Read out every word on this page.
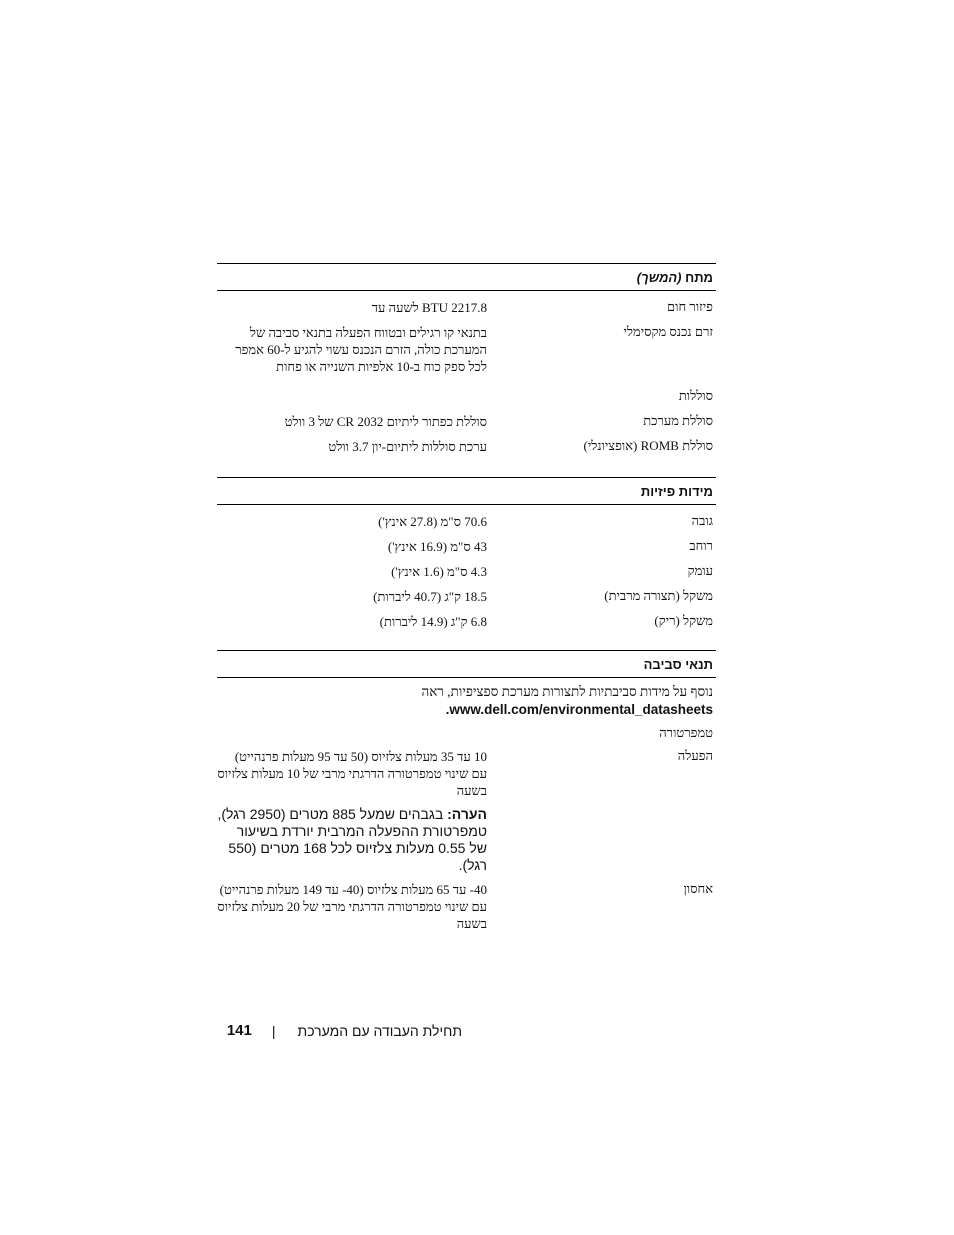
מתח (המשך)
פיזור חום
2217.8 BTU לשעה עד
זרם נכנס מקסימלי
בתנאי קו רגילים ובטווח הפעלה בתנאי סביבה של המערכת כולה, הזרם הנכנס עשוי להגיע ל-60 אמפר לכל ספק כוח ב-10 אלפיות השנייה או פחות
סוללות
סוללת מערכת
סוללת כפתור ליתיום CR 2032 של 3 וולט
סוללת ROMB (אופציונלי)
ערכת סוללות ליתיום-יון 3.7 וולט
מידות פיזיות
גובה
70.6 ס"מ (27.8 אינץ')
רוחב
43 ס"מ (16.9 אינץ')
עומק
4.3 ס"מ (1.6 אינץ')
משקל (תצורה מרבית)
18.5 ק"ג (40.7 ליברות)
משקל (ריק)
6.8 ק"ג (14.9 ליברות)
תנאי סביבה
נוסף על מידות סביבתיות לתצורות מערכת ספציפיות, ראה
www.dell.com/environmental_datasheets.
טמפרטורה
הפעלה
10 עד 35 מעלות צלזיוס (50 עד 95 מעלות פרנהייט) עם שינוי טמפרטורה הדרגתי מרבי של 10 מעלות צלזיוס בשעה
הערה: בגבהים שמעל 885 מטרים (2950 רגל), טמפרטורת ההפעלה המרבית יורדת בשיעור של 0.55 מעלות צלזיוס לכל 168 מטרים (550 רגל).
אחסון
40- עד 65 מעלות צלזיוס (40- עד 149 מעלות פרנהייט) עם שינוי טמפרטורה הדרגתי מרבי של 20 מעלות צלזיוס בשעה
תחילת העבודה עם המערכת
|
141
